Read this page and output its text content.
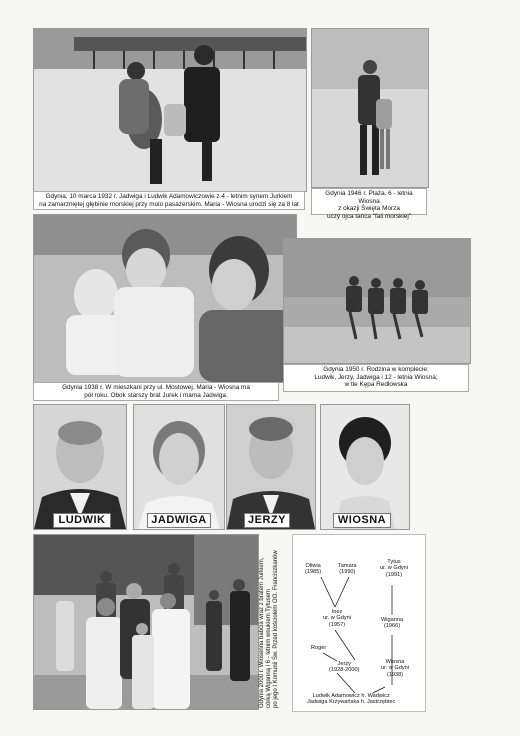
Gdynia, 10 marca 1932 r. Jadwiga i Ludwik Adamowiczowie z 4 - letnim synem Jurkiem
na zamarzniętej głębinie morskiej przy molo pasażerskim. Maria - Wiosna urodzi się za 8 lat
Gdynia 1946 r. Plaża. 6 - letnia Wiosna
z okazji Święta Morza
uczy ojca tańca "fali morskiej"
Gdynia 1938 r. W mieszkani przy ul. Mostowej. Maria - Wiosna ma
pół roku. Obok starszy brat Jurek i mama Jadwiga.
Gdynia 1950 r. Rodzina w komplecie:
Ludwik, Jerzy, Jadwiga i 12 - letnia Wiosna;
w tle Kępa Redłowska
LUDWIK	JADWIGA	JERZY	WIOSNA
Gdynia 2000 r. Wiosenna babcia wraz z bratem Jurkiem, córką Wiganną i 6 - letnim wnukiem Tytusem po jego I Komunii Św. Przed kościołem OO. Franciszkanów	Oliwia
(1985)
Tamara
(1990)
Tytus
ur. w Gdyni
(1991)
Inez
ur. w Gdyni
(1957)
Wiganna
(1966)
Roger
Jerzy
(1928-2000)
Wiosna
ur. w Gdyni
(1938)
Ludwik Adamowicz h. Wadwicz
Jadwiga Krzywańska h. Jastrzębiec
